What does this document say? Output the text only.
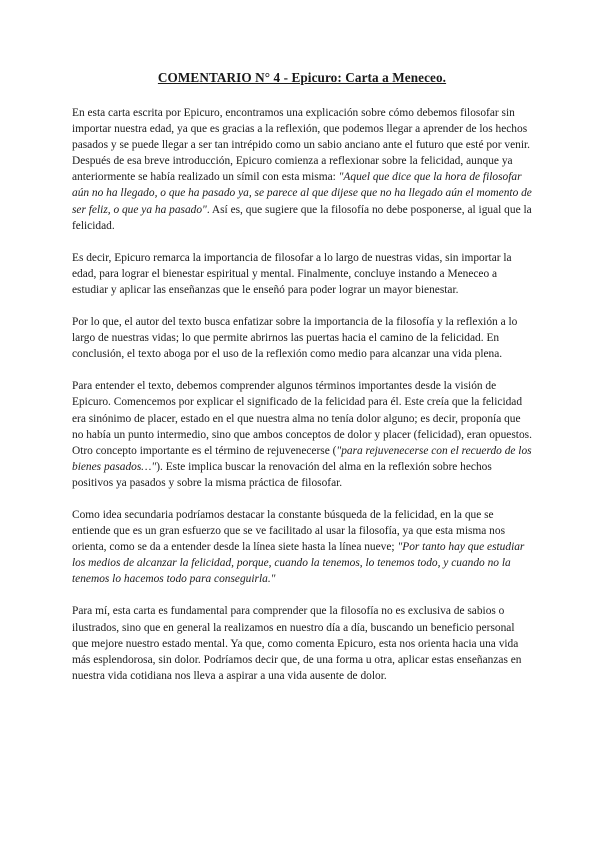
COMENTARIO N° 4 - Epicuro: Carta a Meneceo.

En esta carta escrita por Epicuro, encontramos una explicación sobre cómo debemos filosofar sin importar nuestra edad, ya que es gracias a la reflexión, que podemos llegar a aprender de los hechos pasados y se puede llegar a ser tan intrépido como un sabio anciano ante el futuro que esté por venir. Después de esa breve introducción, Epicuro comienza a reflexionar sobre la felicidad, aunque ya anteriormente se había realizado un símil con esta misma: "Aquel que dice que la hora de filosofar aún no ha llegado, o que ha pasado ya, se parece al que dijese que no ha llegado aún el momento de ser feliz, o que ya ha pasado". Así es, que sugiere que la filosofía no debe posponerse, al igual que la felicidad.

Es decir, Epicuro remarca la importancia de filosofar a lo largo de nuestras vidas, sin importar la edad, para lograr el bienestar espiritual y mental. Finalmente, concluye instando a Meneceo a estudiar y aplicar las enseñanzas que le enseñó para poder lograr un mayor bienestar.

Por lo que, el autor del texto busca enfatizar sobre la importancia de la filosofía y la reflexión a lo largo de nuestras vidas; lo que permite abrirnos las puertas hacia el camino de la felicidad. En conclusión, el texto aboga por el uso de la reflexión como medio para alcanzar una vida plena.

Para entender el texto, debemos comprender algunos términos importantes desde la visión de Epicuro. Comencemos por explicar el significado de la felicidad para él. Este creía que la felicidad era sinónimo de placer, estado en el que nuestra alma no tenía dolor alguno; es decir, proponía que no había un punto intermedio, sino que ambos conceptos de dolor y placer (felicidad), eran opuestos. Otro concepto importante es el término de rejuvenecerse ("para rejuvenecerse con el recuerdo de los bienes pasados…"). Este implica buscar la renovación del alma en la reflexión sobre hechos positivos ya pasados y sobre la misma práctica de filosofar.

Como idea secundaria podríamos destacar la constante búsqueda de la felicidad, en la que se entiende que es un gran esfuerzo que se ve facilitado al usar la filosofía, ya que esta misma nos orienta, como se da a entender desde la línea siete hasta la línea nueve; "Por tanto hay que estudiar los medios de alcanzar la felicidad, porque, cuando la tenemos, lo tenemos todo, y cuando no la tenemos lo hacemos todo para conseguirla."

Para mí, esta carta es fundamental para comprender que la filosofía no es exclusiva de sabios o ilustrados, sino que en general la realizamos en nuestro día a día, buscando un beneficio personal que mejore nuestro estado mental. Ya que, como comenta Epicuro, esta nos orienta hacia una vida más esplendorosa, sin dolor. Podríamos decir que, de una forma u otra, aplicar estas enseñanzas en nuestra vida cotidiana nos lleva a aspirar a una vida ausente de dolor.
